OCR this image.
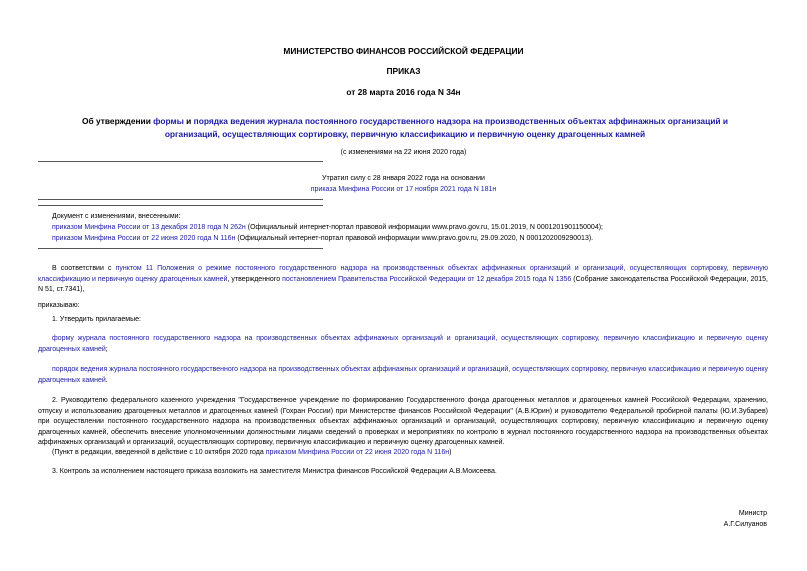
МИНИСТЕРСТВО ФИНАНСОВ РОССИЙСКОЙ ФЕДЕРАЦИИ
ПРИКАЗ
от 28 марта 2016 года N 34н
Об утверждении формы и порядка ведения журнала постоянного государственного надзора на производственных объектах аффинажных организаций и организаций, осуществляющих сортировку, первичную классификацию и первичную оценку драгоценных камней
(с изменениями на 22 июня 2020 года)
Утратил силу с 28 января 2022 года на основании
приказа Минфина России от 17 ноября 2021 года N 181н
Документ с изменениями, внесенными:
приказом Минфина России от 13 декабря 2018 года N 262н (Официальный интернет-портал правовой информации www.pravo.gov.ru, 15.01.2019, N 0001201901150004);
приказом Минфина России от 22 июня 2020 года N 116н (Официальный интернет-портал правовой информации www.pravo.gov.ru, 29.09.2020, N 0001202009290013).
В соответствии с пунктом 11 Положения о режиме постоянного государственного надзора на производственных объектах аффинажных организаций и организаций, осуществляющих сортировку, первичную классификацию и первичную оценку драгоценных камней, утвержденного постановлением Правительства Российской Федерации от 12 декабря 2015 года N 1356 (Собрание законодательства Российской Федерации, 2015, N 51, ст.7341),
приказываю:
1. Утвердить прилагаемые:
форму журнала постоянного государственного надзора на производственных объектах аффинажных организаций и организаций, осуществляющих сортировку, первичную классификацию и первичную оценку драгоценных камней;
порядок ведения журнала постоянного государственного надзора на производственных объектах аффинажных организаций и организаций, осуществляющих сортировку, первичную классификацию и первичную оценку драгоценных камней.
2. Руководителю федерального казенного учреждения "Государственное учреждение по формированию Государственного фонда драгоценных металлов и драгоценных камней Российской Федерации, хранению, отпуску и использованию драгоценных металлов и драгоценных камней (Гохран России) при Министерстве финансов Российской Федерации" (А.В.Юрин) и руководителю Федеральной пробирной палаты (Ю.И.Зубарев) при осуществлении постоянного государственного надзора на производственных объектах аффинажных организаций и организаций, осуществляющих сортировку, первичную классификацию и первичную оценку драгоценных камней, обеспечить внесение уполномоченными должностными лицами сведений о проверках и мероприятиях по контролю в журнал постоянного государственного надзора на производственных объектах аффинажных организаций и организаций, осуществляющих сортировку, первичную классификацию и первичную оценку драгоценных камней.
(Пункт в редакции, введенной в действие с 10 октября 2020 года приказом Минфина России от 22 июня 2020 года N 116н)
3. Контроль за исполнением настоящего приказа возложить на заместителя Министра финансов Российской Федерации А.В.Моисеева.
Министр
А.Г.Силуанов
